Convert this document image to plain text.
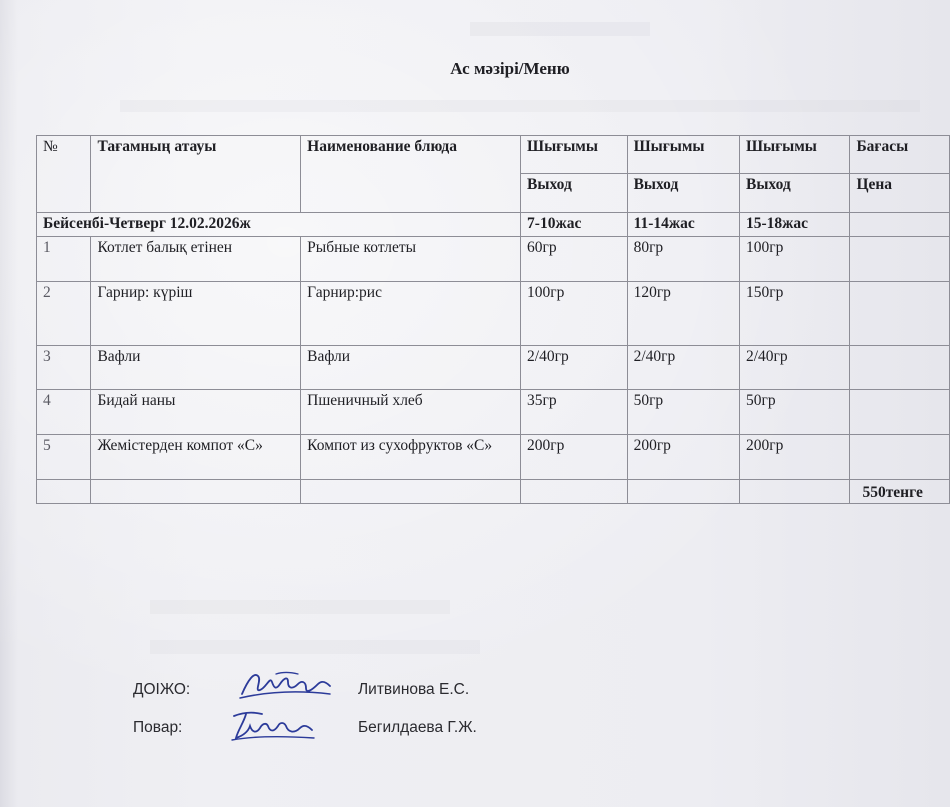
Ас мәзірі/Меню
№	Тағамның атауы	Наименование блюда	Шығымы	Шығымы	Шығымы	Бағасы
			Выход	Выход	Выход	Цена
Бейсенбі-Четверг 12.02.2026ж			7-10жас	11-14жас	15-18жас	
1	Котлет балық етінен	Рыбные котлеты	60гр	80гр	100гр	
2	Гарнир: күріш	Гарнир:рис	100гр	120гр	150гр	
3	Вафли	Вафли	2/40гр	2/40гр	2/40гр	
4	Бидай наны	Пшеничный хлеб	35гр	50гр	50гр	
5	Жемістерден компот «С»	Компот из сухофруктов «С»	200гр	200гр	200гр	
						550тенге
ДОІЖО:	Литвинова Е.С.
Повар:	Бегилдаева Г.Ж.
